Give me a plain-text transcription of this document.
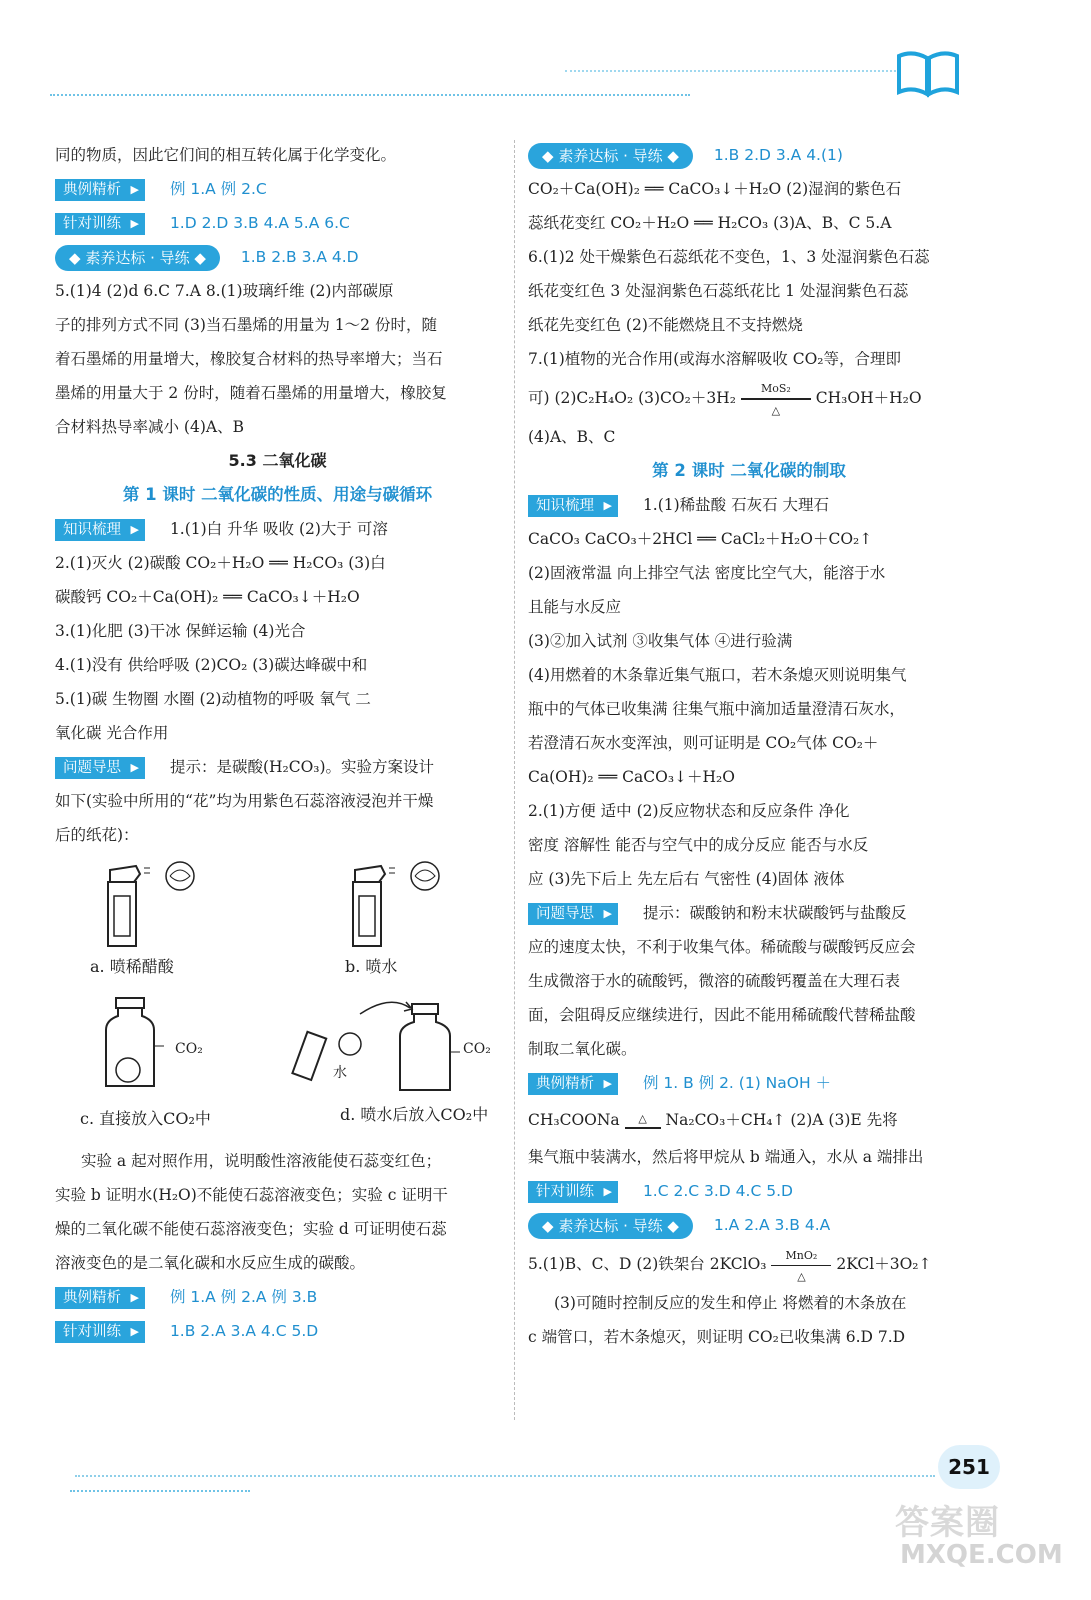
同的物质，因此它们间的相互转化属于化学变化。
典例精析 ▶	例 1.A 例 2.C
针对训练 ▶	1.D 2.D 3.B 4.A 5.A 6.C
◆ 素养达标 · 导练 ◆ 1.B 2.B 3.A 4.D
5.(1)4 (2)d 6.C 7.A 8.(1)玻璃纤维 (2)内部碳原
子的排列方式不同 (3)当石墨烯的用量为 1～2 份时，随
着石墨烯的用量增大，橡胶复合材料的热导率增大；当石
墨烯的用量大于 2 份时，随着石墨烯的用量增大，橡胶复
合材料热导率减小 (4)A、B
5.3 二氧化碳
第 1 课时 二氧化碳的性质、用途与碳循环
知识梳理 ▶	1.(1)白 升华 吸收 (2)大于 可溶
2.(1)灭火 (2)碳酸 CO₂＋H₂O ══ H₂CO₃ (3)白
碳酸钙 CO₂＋Ca(OH)₂ ══ CaCO₃↓＋H₂O
3.(1)化肥 (3)干冰 保鲜运输 (4)光合
4.(1)没有 供给呼吸 (2)CO₂ (3)碳达峰碳中和
5.(1)碳 生物圈 水圈 (2)动植物的呼吸 氧气 二
氧化碳 光合作用
问题导思 ▶	提示：是碳酸(H₂CO₃)。实验方案设计
如下(实验中所用的“花”均为用紫色石蕊溶液浸泡并干燥
后的纸花)：
a. 喷稀醋酸	b. 喷水
CO₂
水
CO₂
c. 直接放入CO₂中	d. 喷水后放入CO₂中
实验 a 起对照作用，说明酸性溶液能使石蕊变红色；
实验 b 证明水(H₂O)不能使石蕊溶液变色；实验 c 证明干
燥的二氧化碳不能使石蕊溶液变色；实验 d 可证明使石蕊
溶液变色的是二氧化碳和水反应生成的碳酸。
典例精析 ▶	例 1.A 例 2.A 例 3.B
针对训练 ▶	1.B 2.A 3.A 4.C 5.D
◆ 素养达标 · 导练 ◆ 1.B 2.D 3.A 4.(1)
CO₂＋Ca(OH)₂ ══ CaCO₃↓＋H₂O (2)湿润的紫色石
蕊纸花变红 CO₂＋H₂O ══ H₂CO₃ (3)A、B、C 5.A
6.(1)2 处干燥紫色石蕊纸花不变色，1、3 处湿润紫色石蕊
纸花变红色 3 处湿润紫色石蕊纸花比 1 处湿润紫色石蕊
纸花先变红色 (2)不能燃烧且不支持燃烧
7.(1)植物的光合作用(或海水溶解吸收 CO₂等，合理即
可) (2)C₂H₄O₂ (3)CO₂＋3H₂ MoS₂

△ CH₃OH＋H₂O
(4)A、B、C
第 2 课时 二氧化碳的制取
知识梳理 ▶	1.(1)稀盐酸 石灰石 大理石
CaCO₃ CaCO₃＋2HCl ══ CaCl₂＋H₂O＋CO₂↑
(2)固液常温 向上排空气法 密度比空气大，能溶于水
且能与水反应
(3)②加入试剂 ③收集气体 ④进行验满
(4)用燃着的木条靠近集气瓶口，若木条熄灭则说明集气
瓶中的气体已收集满 往集气瓶中滴加适量澄清石灰水，
若澄清石灰水变浑浊，则可证明是 CO₂气体 CO₂＋
Ca(OH)₂ ══ CaCO₃↓＋H₂O
2.(1)方便 适中 (2)反应物状态和反应条件 净化
密度 溶解性 能否与空气中的成分反应 能否与水反
应 (3)先下后上 先左后右 气密性 (4)固体 液体
问题导思 ▶	提示：碳酸钠和粉末状碳酸钙与盐酸反
应的速度太快，不利于收集气体。稀硫酸与碳酸钙反应会
生成微溶于水的硫酸钙，微溶的硫酸钙覆盖在大理石表
面，会阻碍反应继续进行，因此不能用稀硫酸代替稀盐酸
制取二氧化碳。
典例精析 ▶	例 1. B 例 2. (1) NaOH ＋
CH₃COONa △ Na₂CO₃＋CH₄↑ (2)A (3)E 先将
集气瓶中装满水，然后将甲烷从 b 端通入，水从 a 端排出
针对训练 ▶	1.C 2.C 3.D 4.C 5.D
◆ 素养达标 · 导练 ◆ 1.A 2.A 3.B 4.A
5.(1)B、C、D (2)铁架台 2KClO₃ MnO₂

△ 2KCl＋3O₂↑
(3)可随时控制反应的发生和停止 将燃着的木条放在
c 端管口，若木条熄灭，则证明 CO₂已收集满 6.D 7.D
251
答案圈
MXQE.COM
